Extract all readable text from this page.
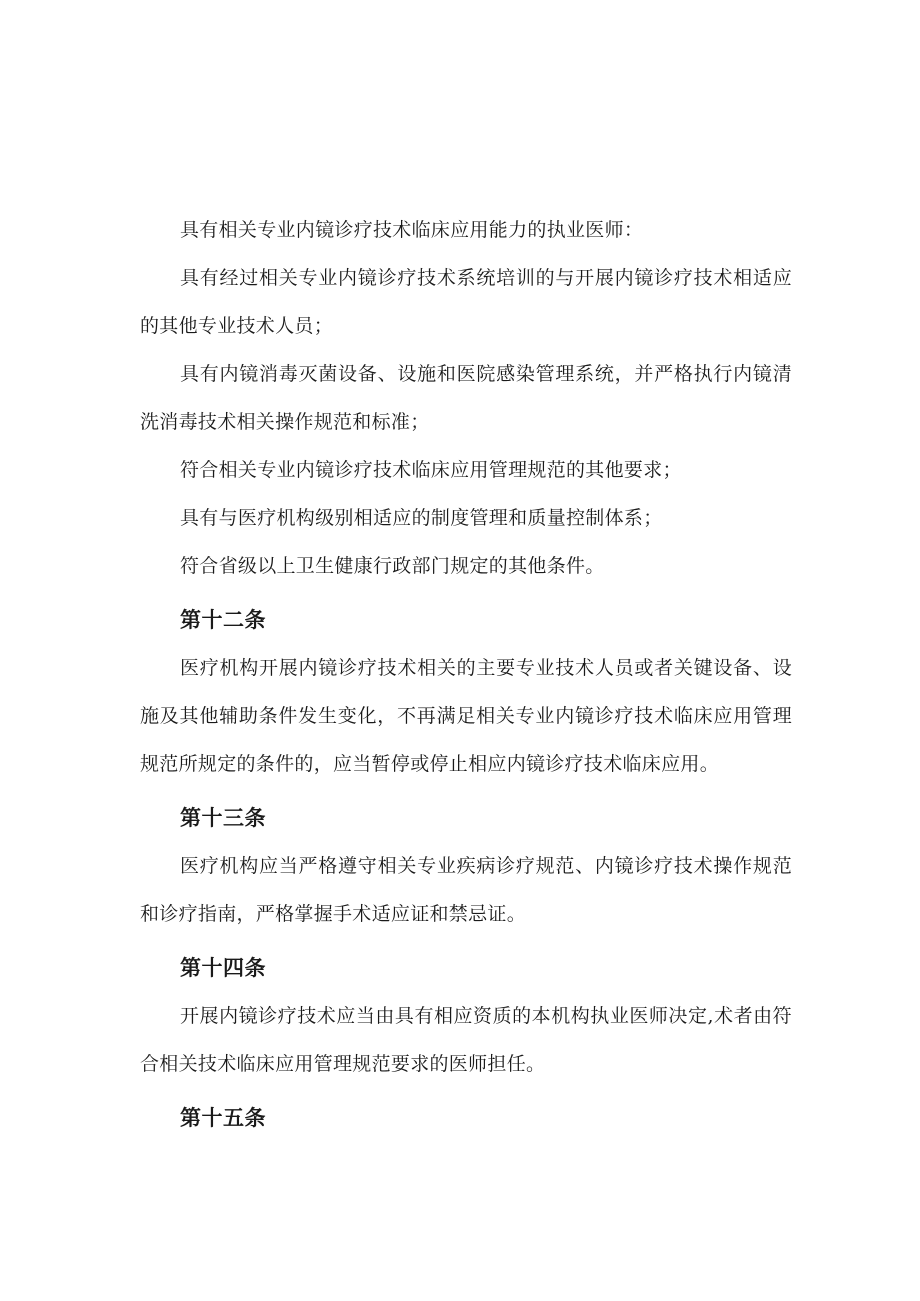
具有相关专业内镜诊疗技术临床应用能力的执业医师：

具有经过相关专业内镜诊疗技术系统培训的与开展内镜诊疗技术相适应的其他专业技术人员；

具有内镜消毒灭菌设备、设施和医院感染管理系统，并严格执行内镜清洗消毒技术相关操作规范和标准；

符合相关专业内镜诊疗技术临床应用管理规范的其他要求；

具有与医疗机构级别相适应的制度管理和质量控制体系；

符合省级以上卫生健康行政部门规定的其他条件。

第十二条

医疗机构开展内镜诊疗技术相关的主要专业技术人员或者关键设备、设施及其他辅助条件发生变化，不再满足相关专业内镜诊疗技术临床应用管理规范所规定的条件的，应当暂停或停止相应内镜诊疗技术临床应用。

第十三条

医疗机构应当严格遵守相关专业疾病诊疗规范、内镜诊疗技术操作规范和诊疗指南，严格掌握手术适应证和禁忌证。

第十四条

开展内镜诊疗技术应当由具有相应资质的本机构执业医师决定,术者由符合相关技术临床应用管理规范要求的医师担任。

第十五条
